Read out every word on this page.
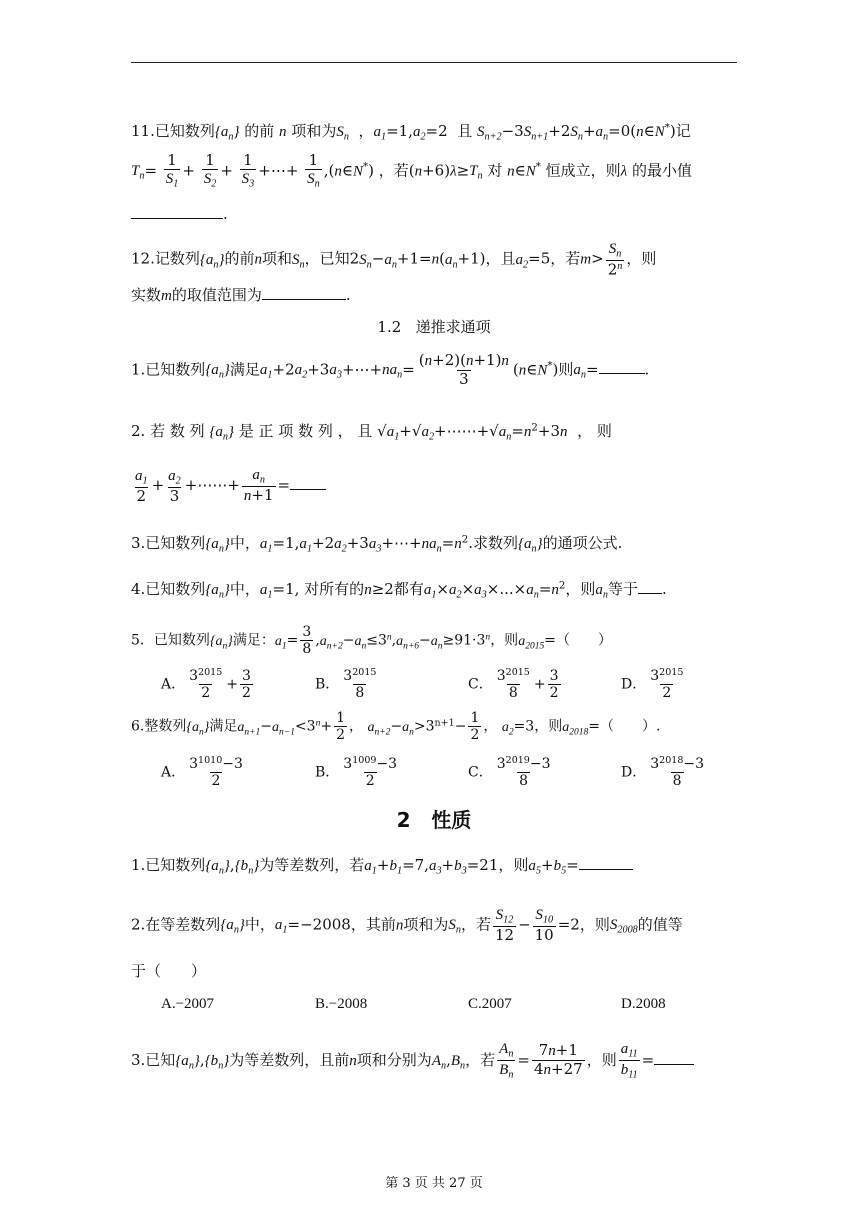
11.已知数列$\{a_n\}$ 的前 n 项和为$S_n$  ，$a_1=1,a_2=2$  且 $S_{n+2}-3S_{n+1}+2S_n+a_n=0(n\in N^*)$记
$T_n= \frac{1}{S_1} + \frac{1}{S_2} + \frac{1}{S_3}$ +⋯+ $\frac{1}{S_n}$ ,(n∈N*) ，若$(n+6)\lambda\ge T_n$ 对 n∈N* 恒成立，则λ 的最小值
.
12.记数列$\{a_n\}$的前n项和$S_n$，已知$2S_n-a_n+1=n(a_n+1)$，且$a_2=5$，若$m> \frac{S_n}{2^n}$ ，则
实数m的取值范围为	.
1.2 递推求通项
1.已知数列$\{a_n\}$满足$a_1+2a_2+3a_3+\cdots+na_n= \frac{(n+2)(n+1)n}{3}$ (n∈N*)则$a_n=$	.
2. 若 数 列 $\{a_n\}$ 是 正 项 数 列 ， 且 $√a_1+√a_2+\cdots\cdots+√a_n=n^2+3n$ ， 则
$\frac{a_1}{2} + \frac{a_2}{3}$ +⋯⋯+ $\frac{a_n}{n+1}$ =
3.已知数列$\{a_n\}$中，$a_1=1,a_1+2a_2+3a_3+\cdots+na_n=n^2$.求数列$\{a_n\}$的通项公式.
4.已知数列$\{a_n\}$中，$a_1=1$, 对所有的n≥2都有$a_1\times a_2\times a_3\times...\times a_n=n^2$，则$a_n$等于 .
5．已知数列$\{a_n\}$满足：$a_1= \frac{3}{8} ,a_{n+2}-a_n\le 3^n,a_{n+6}-a_n\ge 91\cdot 3^n$，则$a_{2015}=$（　　）
A． $\frac{3^{2015}}{2} + \frac{3}{2}$	B． $\frac{3^{2015}}{8}$	C． $\frac{3^{2015}}{8} + \frac{3}{2}$	D． $\frac{3^{2015}}{2}$
6.整数列$\{a_n\}$满足$a_{n+1}-a_{n-1}<3^n+ \frac{1}{2}$ ， $a_{n+2}-a_n>3^{n+1}- \frac{1}{2}$ ， $a_2=3$，则$a_{2018}=$（　　）.
A． $\frac{3^{1010}-3}{2}$	B． $\frac{3^{1009}-3}{2}$	C． $\frac{3^{2019}-3}{8}$	D． $\frac{3^{2018}-3}{8}$
2 性质
1.已知数列$\{a_n\},\{b_n\}$为等差数列，若$a_1+b_1=7,a_3+b_3=21$，则$a_5+b_5=$
2.在等差数列$\{a_n\}$中，$a_1=-2008$，其前n项和为$S_n$，若 $\frac{S_{12}}{12} - \frac{S_{10}}{10} =2$，则$S_{2008}$的值等
于（　　）
A.−2007	B.−2008	C.2007	D.2008
3.已知$\{a_n\},\{b_n\}$为等差数列，且前n项和分别为$A_n,B_n$，若 $\frac{A_n}{B_n} = \frac{7n+1}{4n+27}$ ，则 $\frac{a_{11}}{b_{11}}$ =
第 3 页 共 27 页
